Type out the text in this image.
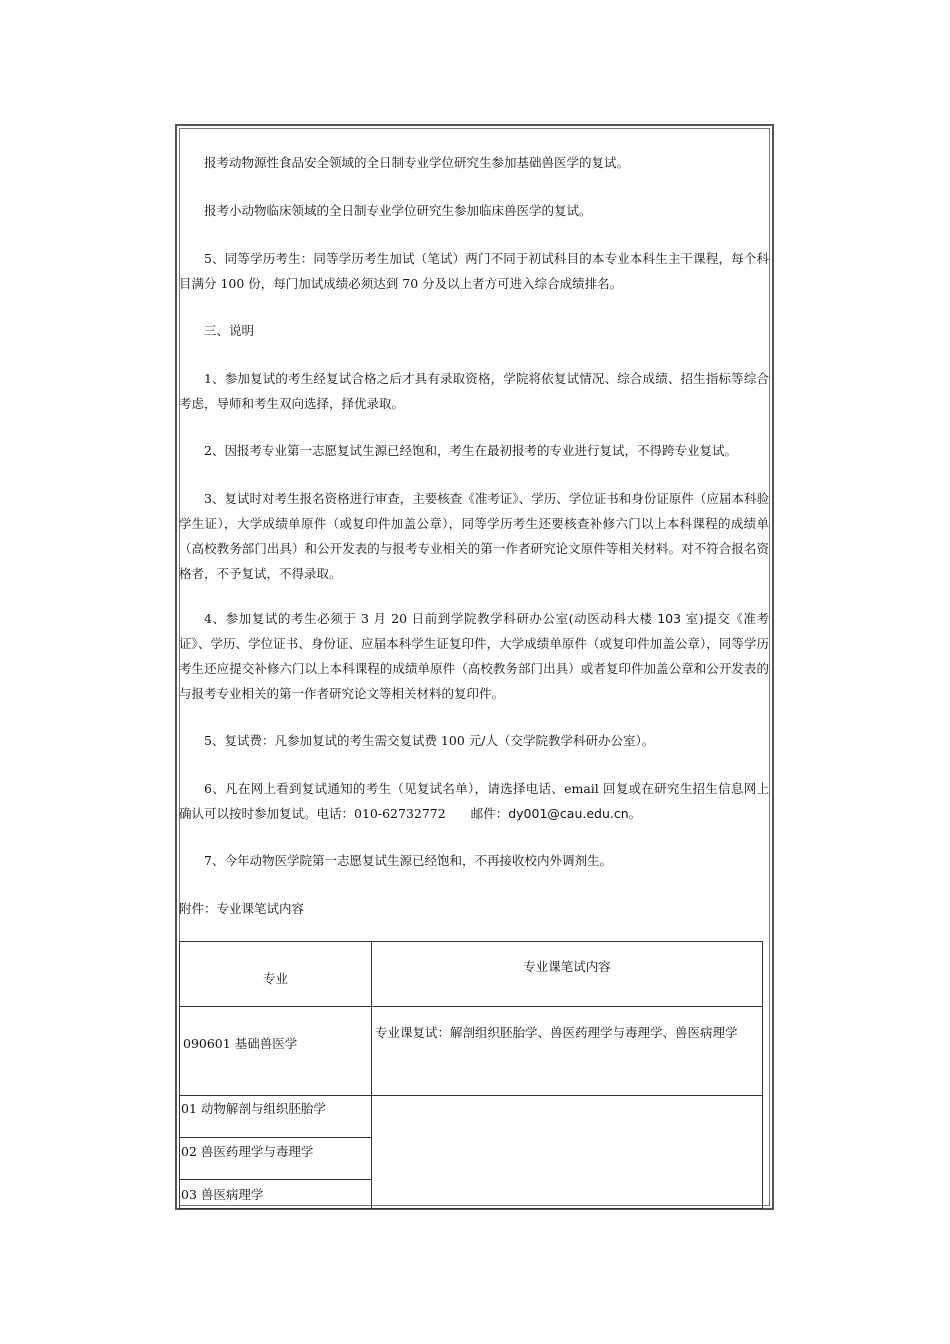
报考动物源性食品安全领域的全日制专业学位研究生参加基础兽医学的复试。

报考小动物临床领域的全日制专业学位研究生参加临床兽医学的复试。

5、同等学历考生：同等学历考生加试（笔试）两门不同于初试科目的本专业本科生主干课程，每个科目满分 100 份，每门加试成绩必须达到 70 分及以上者方可进入综合成绩排名。

三、说明

1、参加复试的考生经复试合格之后才具有录取资格，学院将依复试情况、综合成绩、招生指标等综合考虑，导师和考生双向选择，择优录取。

2、因报考专业第一志愿复试生源已经饱和，考生在最初报考的专业进行复试，不得跨专业复试。

3、复试时对考生报名资格进行审查，主要核查《准考证》、学历、学位证书和身份证原件（应届本科验学生证），大学成绩单原件（或复印件加盖公章），同等学历考生还要核查补修六门以上本科课程的成绩单（高校教务部门出具）和公开发表的与报考专业相关的第一作者研究论文原件等相关材料。对不符合报名资格者，不予复试，不得录取。

4、参加复试的考生必须于 3 月 20 日前到学院教学科研办公室(动医动科大楼 103 室)提交《准考证》、学历、学位证书、身份证、应届本科学生证复印件，大学成绩单原件（或复印件加盖公章），同等学历考生还应提交补修六门以上本科课程的成绩单原件（高校教务部门出具）或者复印件加盖公章和公开发表的与报考专业相关的第一作者研究论文等相关材料的复印件。

5、复试费：凡参加复试的考生需交复试费 100 元/人（交学院教学科研办公室）。

6、凡在网上看到复试通知的考生（见复试名单），请选择电话、email 回复或在研究生招生信息网上确认可以按时参加复试。电话：010-62732772　　邮件：dy001@cau.edu.cn。

7、今年动物医学院第一志愿复试生源已经饱和，不再接收校内外调剂生。

附件：专业课笔试内容

专业

专业课笔试内容

090601 基础兽医学

专业课复试：解剖组织胚胎学、兽医药理学与毒理学、兽医病理学

01 动物解剖与组织胚胎学

02 兽医药理学与毒理学

03 兽医病理学
